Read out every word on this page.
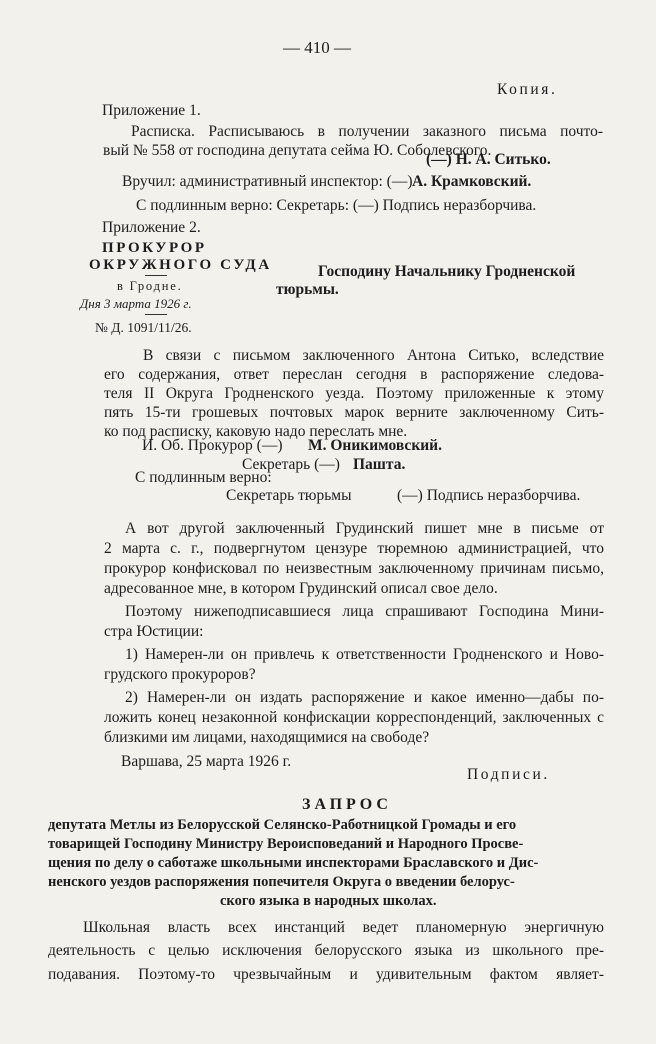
— 410 —
Копия.
Приложение 1.
Расписка. Расписываюсь в получении заказного письма почто-
вый № 558 от господина депутата сейма Ю. Соболевского.
(—) Н. А. Ситько.
Вручил: административный инспектор: (—) А. Крамковский.
С подлинным верно: Секретарь: (—) Подпись неразборчива.
Приложение 2.
ПРОКУРОР
ОКРУЖНОГО СУДА
в Гродне.
Дня 3 марта 1926 г.
№ Д. 1091/11/26.
Господину Начальнику Гродненской
тюрьмы.
В связи с письмом заключенного Антона Ситько, вследствие
его содержания, ответ переслан сегодня в распоряжение следова-
теля II Округа Гродненского уезда. Поэтому приложенные к этому
пять 15-ти грошевых почтовых марок верните заключенному Сить-
ко под расписку, каковую надо переслать мне.
И. Об. Прокурор (—) М. Оникимовский.
Секретарь (—) Пашта.
С подлинным верно:
Секретарь тюрьмы	(—) Подпись неразборчива.
А вот другой заключенный Грудинский пишет мне в письме от
2 марта с. г., подвергнутом цензуре тюремною администрацией, что
прокурор конфисковал по неизвестным заключенному причинам письмо,
адресованное мне, в котором Грудинский описал свое дело.
Поэтому нижеподписавшиеся лица спрашивают Господина Мини-
стра Юстиции:
1) Намерен-ли он привлечь к ответственности Гродненского и Ново-
грудского прокуроров?
2) Намерен-ли он издать распоряжение и какое именно—дабы по-
ложить конец незаконной конфискации корреспонденций, заключенных с
близкими им лицами, находящимися на свободе?
Варшава, 25 марта 1926 г.
Подписи.
ЗАПРОС
депутата Метлы из Белорусской Селянско-Работницкой Громады и его
товарищей Господину Министру Вероисповеданий и Народного Просве-
щения по делу о саботаже школьными инспекторами Браславского и Дис-
ненского уездов распоряжения попечителя Округа о введении белорус-
ского языка в народных школах.
Школьная власть всех инстанций ведет планомерную энергичную
деятельность с целью исключения белорусского языка из школьного пре-
подавания. Поэтому-то чрезвычайным и удивительным фактом являет-
